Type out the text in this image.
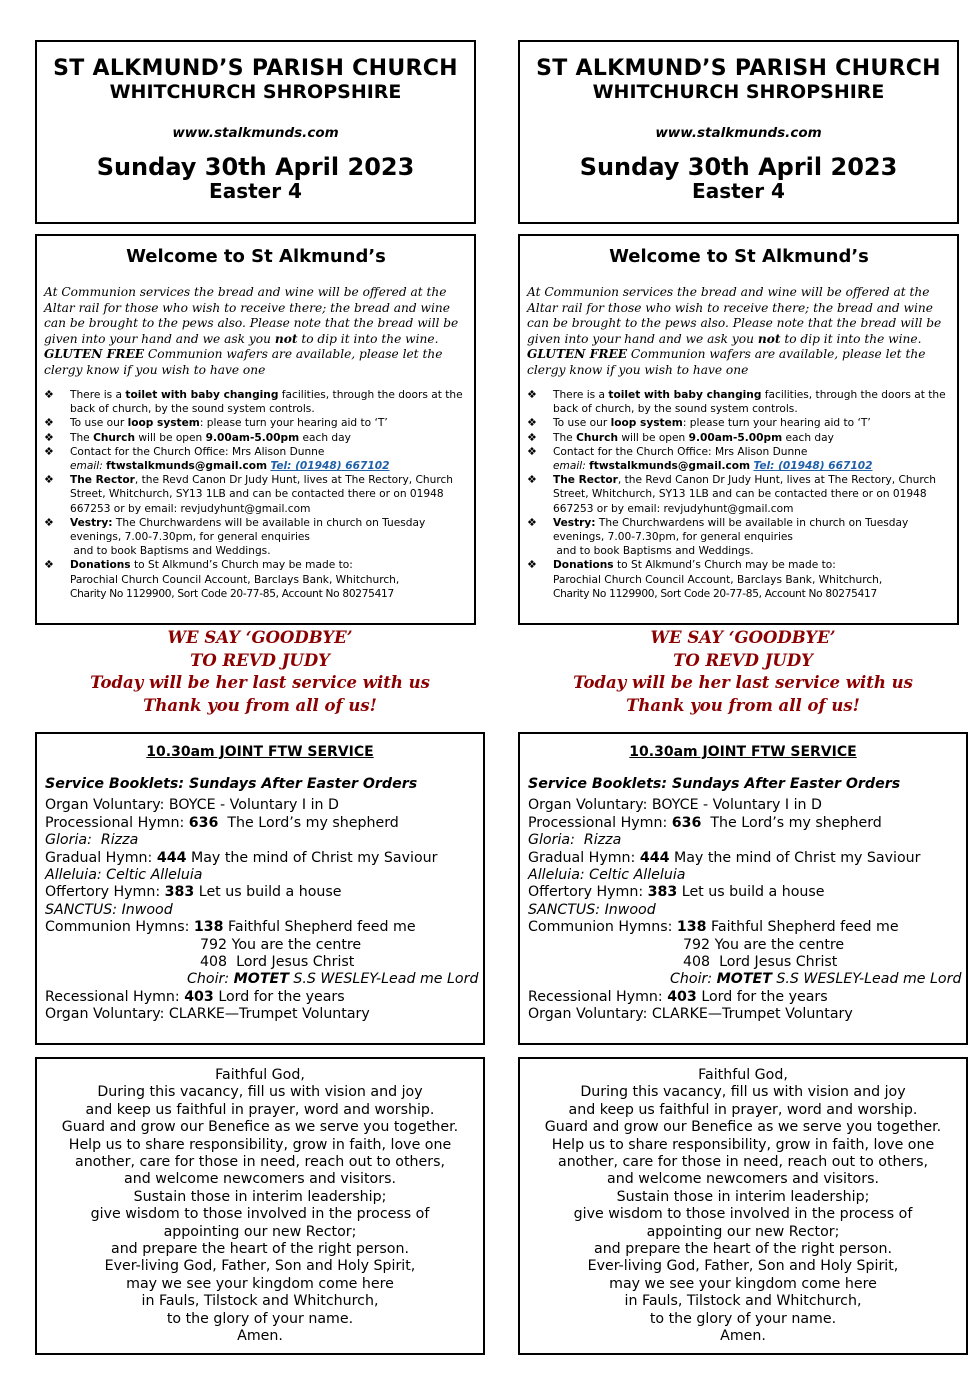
ST ALKMUND’S PARISH CHURCH
WHITCHURCH SHROPSHIRE
www.stalkmunds.com
Sunday 30th April 2023
Easter 4
Welcome to St Alkmund’s

At Communion services the bread and wine will be offered at the Altar rail for those who wish to receive there; the bread and wine can be brought to the pews also. Please note that the bread will be given into your hand and we ask you not to dip it into the wine. GLUTEN FREE Communion wafers are available, please let the clergy know if you wish to have one

❖ There is a toilet with baby changing facilities, through the doors at the back of church, by the sound system controls.
❖ To use our loop system: please turn your hearing aid to ‘T’
❖ The Church will be open 9.00am-5.00pm each day
❖ Contact for the Church Office: Mrs Alison Dunne
email: ftwstalkmunds@gmail.com Tel: (01948) 667102
❖ The Rector, the Revd Canon Dr Judy Hunt, lives at The Rectory, Church Street, Whitchurch, SY13 1LB and can be contacted there or on 01948 667253 or by email: revjudyhunt@gmail.com
❖ Vestry: The Churchwardens will be available in church on Tuesday evenings, 7.00-7.30pm, for general enquiries
and to book Baptisms and Weddings.
❖ Donations to St Alkmund’s Church may be made to:
Parochial Church Council Account, Barclays Bank, Whitchurch,
Charity No 1129900, Sort Code 20-77-85, Account No 80275417
WE SAY ‘GOODBYE’
TO REVD JUDY
Today will be her last service with us
Thank you from all of us!
10.30am JOINT FTW SERVICE
Service Booklets: Sundays After Easter Orders
Organ Voluntary: BOYCE - Voluntary I in D
Processional Hymn: 636  The Lord’s my shepherd
Gloria:  Rizza
Gradual Hymn: 444 May the mind of Christ my Saviour
Alleluia: Celtic Alleluia
Offertory Hymn: 383 Let us build a house
SANCTUS: Inwood
Communion Hymns: 138 Faithful Shepherd feed me
792 You are the centre
408  Lord Jesus Christ
Choir: MOTET S.S WESLEY-Lead me Lord
Recessional Hymn: 403 Lord for the years
Organ Voluntary: CLARKE—Trumpet Voluntary
Faithful God,
During this vacancy, fill us with vision and joy
and keep us faithful in prayer, word and worship.
Guard and grow our Benefice as we serve you together.
Help us to share responsibility, grow in faith, love one
another, care for those in need, reach out to others,
and welcome newcomers and visitors.
Sustain those in interim leadership;
give wisdom to those involved in the process of
appointing our new Rector;
and prepare the heart of the right person.
Ever-living God, Father, Son and Holy Spirit,
may we see your kingdom come here
in Fauls, Tilstock and Whitchurch,
to the glory of your name.
Amen.
ST ALKMUND’S PARISH CHURCH
WHITCHURCH SHROPSHIRE
www.stalkmunds.com
Sunday 30th April 2023
Easter 4
Welcome to St Alkmund’s

At Communion services the bread and wine will be offered at the Altar rail for those who wish to receive there; the bread and wine can be brought to the pews also. Please note that the bread will be given into your hand and we ask you not to dip it into the wine. GLUTEN FREE Communion wafers are available, please let the clergy know if you wish to have one

❖ There is a toilet with baby changing facilities, through the doors at the back of church, by the sound system controls.
❖ To use our loop system: please turn your hearing aid to ‘T’
❖ The Church will be open 9.00am-5.00pm each day
❖ Contact for the Church Office: Mrs Alison Dunne
email: ftwstalkmunds@gmail.com Tel: (01948) 667102
❖ The Rector, the Revd Canon Dr Judy Hunt, lives at The Rectory, Church Street, Whitchurch, SY13 1LB and can be contacted there or on 01948 667253 or by email: revjudyhunt@gmail.com
❖ Vestry: The Churchwardens will be available in church on Tuesday evenings, 7.00-7.30pm, for general enquiries
and to book Baptisms and Weddings.
❖ Donations to St Alkmund’s Church may be made to:
Parochial Church Council Account, Barclays Bank, Whitchurch,
Charity No 1129900, Sort Code 20-77-85, Account No 80275417
WE SAY ‘GOODBYE’
TO REVD JUDY
Today will be her last service with us
Thank you from all of us!
10.30am JOINT FTW SERVICE
Service Booklets: Sundays After Easter Orders
Organ Voluntary: BOYCE - Voluntary I in D
Processional Hymn: 636  The Lord’s my shepherd
Gloria:  Rizza
Gradual Hymn: 444 May the mind of Christ my Saviour
Alleluia: Celtic Alleluia
Offertory Hymn: 383 Let us build a house
SANCTUS: Inwood
Communion Hymns: 138 Faithful Shepherd feed me
792 You are the centre
408  Lord Jesus Christ
Choir: MOTET S.S WESLEY-Lead me Lord
Recessional Hymn: 403 Lord for the years
Organ Voluntary: CLARKE—Trumpet Voluntary
Faithful God,
During this vacancy, fill us with vision and joy
and keep us faithful in prayer, word and worship.
Guard and grow our Benefice as we serve you together.
Help us to share responsibility, grow in faith, love one
another, care for those in need, reach out to others,
and welcome newcomers and visitors.
Sustain those in interim leadership;
give wisdom to those involved in the process of
appointing our new Rector;
and prepare the heart of the right person.
Ever-living God, Father, Son and Holy Spirit,
may we see your kingdom come here
in Fauls, Tilstock and Whitchurch,
to the glory of your name.
Amen.
